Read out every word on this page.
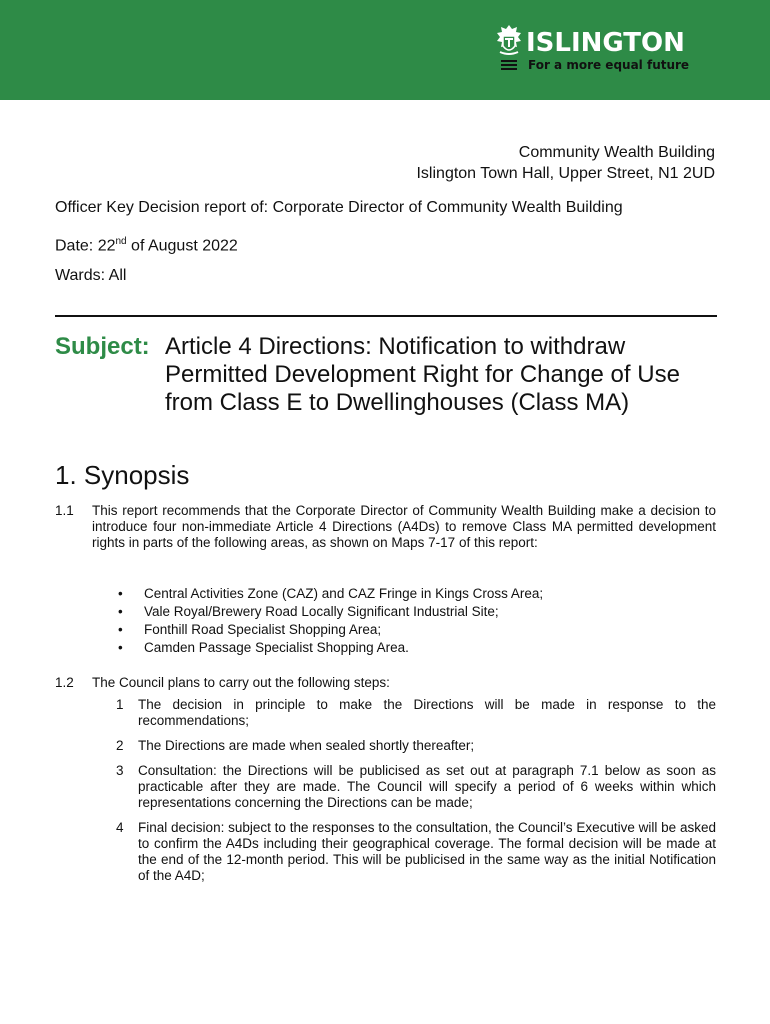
ISLINGTON
For a more equal future
Community Wealth Building
Islington Town Hall, Upper Street, N1 2UD
Officer Key Decision report of: Corporate Director of Community Wealth Building
Date: 22nd of August 2022
Wards: All
Subject: Article 4 Directions: Notification to withdraw Permitted Development Right for Change of Use from Class E to Dwellinghouses (Class MA)
1. Synopsis
1.1 This report recommends that the Corporate Director of Community Wealth Building make a decision to introduce four non-immediate Article 4 Directions (A4Ds) to remove Class MA permitted development rights in parts of the following areas, as shown on Maps 7-17 of this report:
• Central Activities Zone (CAZ) and CAZ Fringe in Kings Cross Area;
• Vale Royal/Brewery Road Locally Significant Industrial Site;
• Fonthill Road Specialist Shopping Area;
• Camden Passage Specialist Shopping Area.
1.2 The Council plans to carry out the following steps:
1 The decision in principle to make the Directions will be made in response to the recommendations;
2 The Directions are made when sealed shortly thereafter;
3 Consultation: the Directions will be publicised as set out at paragraph 7.1 below as soon as practicable after they are made. The Council will specify a period of 6 weeks within which representations concerning the Directions can be made;
4 Final decision: subject to the responses to the consultation, the Council’s Executive will be asked to confirm the A4Ds including their geographical coverage. The formal decision will be made at the end of the 12-month period. This will be publicised in the same way as the initial Notification of the A4D;
